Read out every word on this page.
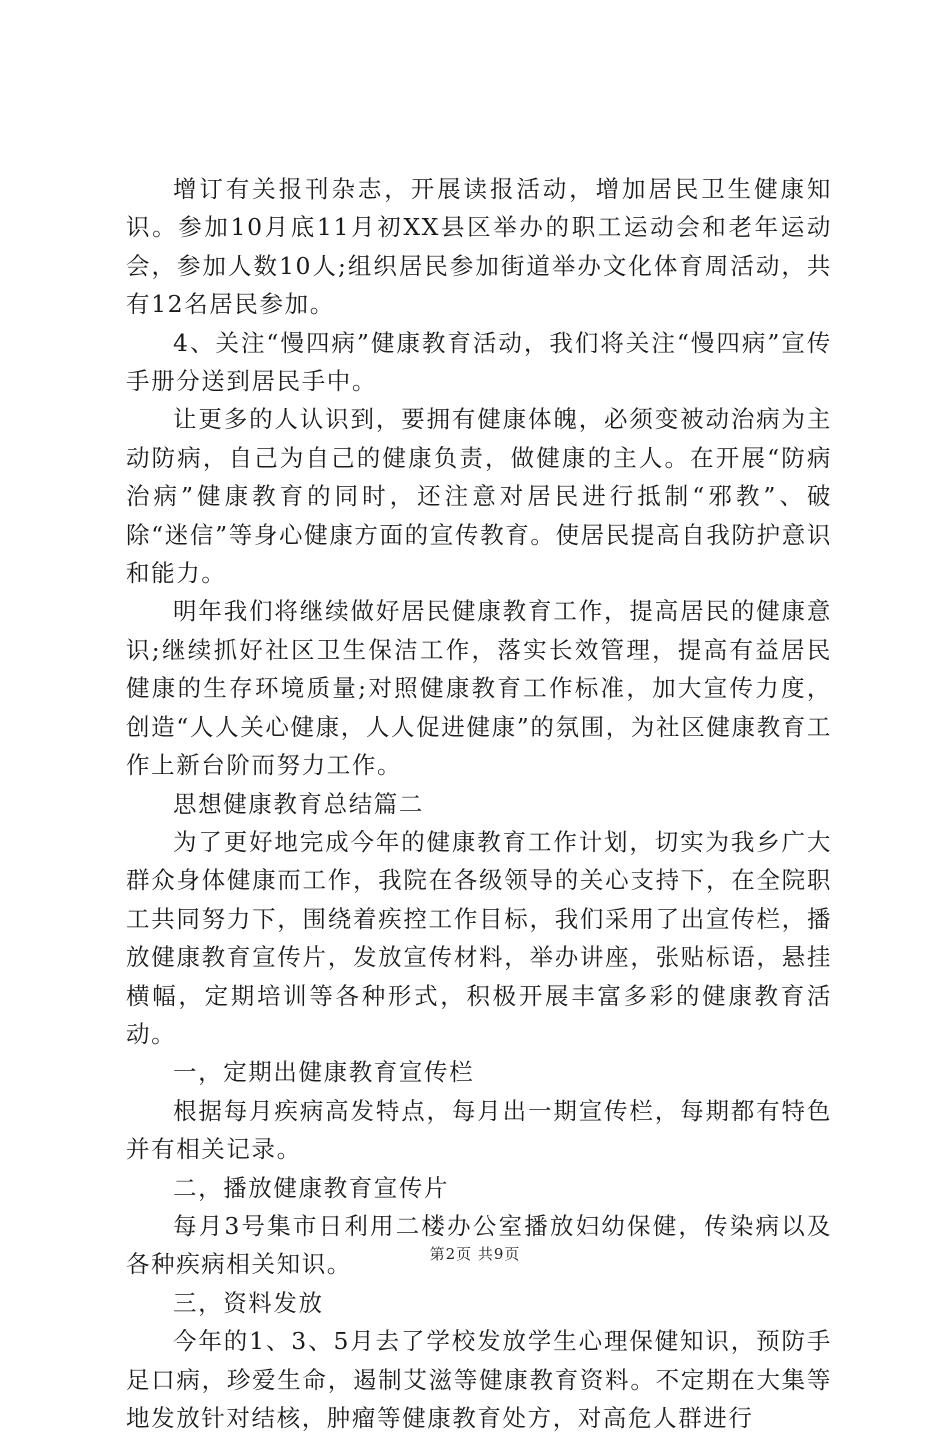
增订有关报刊杂志，开展读报活动，增加居民卫生健康知识。参加10月底11月初XX县区举办的职工运动会和老年运动会，参加人数10人;组织居民参加街道举办文化体育周活动，共有12名居民参加。

4、关注“慢四病”健康教育活动，我们将关注“慢四病”宣传手册分送到居民手中。

让更多的人认识到，要拥有健康体魄，必须变被动治病为主动防病，自己为自己的健康负责，做健康的主人。在开展“防病治病”健康教育的同时，还注意对居民进行抵制“邪教”、破除“迷信”等身心健康方面的宣传教育。使居民提高自我防护意识和能力。

明年我们将继续做好居民健康教育工作，提高居民的健康意识;继续抓好社区卫生保洁工作，落实长效管理，提高有益居民健康的生存环境质量;对照健康教育工作标准，加大宣传力度，创造“人人关心健康，人人促进健康”的氛围，为社区健康教育工作上新台阶而努力工作。

思想健康教育总结篇二

为了更好地完成今年的健康教育工作计划，切实为我乡广大群众身体健康而工作，我院在各级领导的关心支持下，在全院职工共同努力下，围绕着疾控工作目标，我们采用了出宣传栏，播放健康教育宣传片，发放宣传材料，举办讲座，张贴标语，悬挂横幅，定期培训等各种形式，积极开展丰富多彩的健康教育活动。

一，定期出健康教育宣传栏

根据每月疾病高发特点，每月出一期宣传栏，每期都有特色并有相关记录。

二，播放健康教育宣传片

每月3号集市日利用二楼办公室播放妇幼保健，传染病以及各种疾病相关知识。

三，资料发放

今年的1、3、5月去了学校发放学生心理保健知识，预防手足口病，珍爱生命，遏制艾滋等健康教育资料。不定期在大集等地发放针对结核，肿瘤等健康教育处方，对高危人群进行

第2页 共9页
